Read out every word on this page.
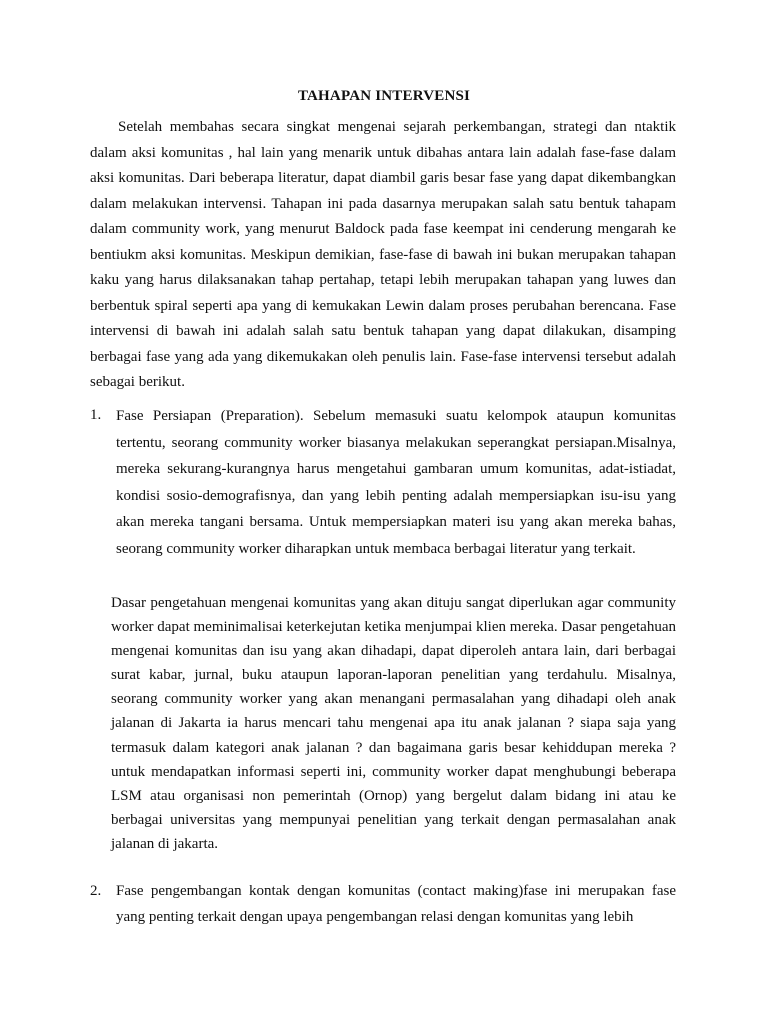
TAHAPAN INTERVENSI

Setelah membahas secara singkat mengenai sejarah perkembangan, strategi dan ntaktik dalam aksi komunitas , hal lain yang menarik untuk dibahas antara lain adalah fase-fase dalam aksi komunitas. Dari beberapa literatur, dapat diambil garis besar fase yang dapat dikembangkan dalam melakukan intervensi. Tahapan ini pada dasarnya merupakan salah satu bentuk tahapam dalam community work, yang menurut Baldock pada fase keempat ini cenderung mengarah ke bentiukm aksi komunitas. Meskipun demikian, fase-fase di bawah ini bukan merupakan tahapan kaku yang harus dilaksanakan tahap pertahap, tetapi lebih merupakan tahapan yang luwes dan berbentuk spiral seperti apa yang di kemukakan Lewin dalam proses perubahan berencana. Fase intervensi di bawah ini adalah salah satu bentuk tahapan yang dapat dilakukan, disamping berbagai fase yang ada yang dikemukakan oleh penulis lain. Fase-fase intervensi tersebut adalah sebagai berikut.

1. Fase Persiapan (Preparation). Sebelum memasuki suatu kelompok ataupun komunitas tertentu, seorang community worker biasanya melakukan seperangkat persiapan.Misalnya, mereka sekurang-kurangnya harus mengetahui gambaran umum komunitas, adat-istiadat, kondisi sosio-demografisnya, dan yang lebih penting adalah mempersiapkan isu-isu yang akan mereka tangani bersama. Untuk mempersiapkan materi isu yang akan mereka bahas, seorang community worker diharapkan untuk membaca berbagai literatur yang terkait.

Dasar pengetahuan mengenai komunitas yang akan dituju sangat diperlukan agar community worker dapat meminimalisai keterkejutan ketika menjumpai klien mereka. Dasar pengetahuan mengenai komunitas dan isu yang akan dihadapi, dapat diperoleh antara lain, dari berbagai surat kabar, jurnal, buku ataupun laporan-laporan penelitian yang terdahulu. Misalnya, seorang community worker yang akan menangani permasalahan yang dihadapi oleh anak jalanan di Jakarta ia harus mencari tahu mengenai apa itu anak jalanan ? siapa saja yang termasuk dalam kategori anak jalanan ? dan bagaimana garis besar kehiddupan mereka ? untuk mendapatkan informasi seperti ini, community worker dapat menghubungi beberapa LSM atau organisasi non pemerintah (Ornop) yang bergelut dalam bidang ini atau ke berbagai universitas yang mempunyai penelitian yang terkait dengan permasalahan anak jalanan di jakarta.

2. Fase pengembangan kontak dengan komunitas (contact making)fase ini merupakan fase yang penting terkait dengan upaya pengembangan relasi dengan komunitas yang lebih
